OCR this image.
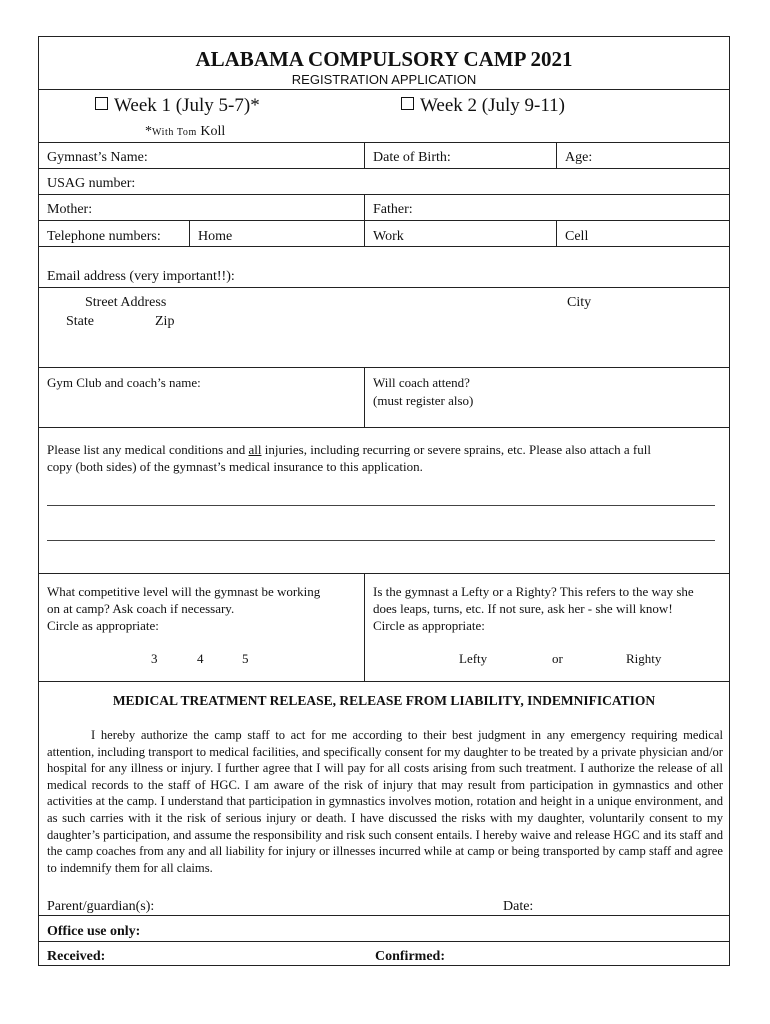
ALABAMA COMPULSORY CAMP 2021
REGISTRATION APPLICATION
Week 1 (July 5-7)*	Week 2 (July 9-11)
*With Tom Koll
Gymnast’s Name:	Date of Birth:	Age:
USAG number:
Mother:	Father:
Telephone numbers:	Home	Work	Cell
Email address (very important!!):
Street Address	City
State	Zip
Gym Club and coach’s name:	Will coach attend?
(must register also)
Please list any medical conditions and all injuries, including recurring or severe sprains, etc. Please also attach a full
copy (both sides) of the gymnast’s medical insurance to this application.
What competitive level will the gymnast be working
on at camp? Ask coach if necessary.
Circle as appropriate:
3	4	5
Is the gymnast a Lefty or a Righty? This refers to the way she
does leaps, turns, etc. If not sure, ask her - she will know!
Circle as appropriate:
Lefty	or	Righty
MEDICAL TREATMENT RELEASE, RELEASE FROM LIABILITY, INDEMNIFICATION
I hereby authorize the camp staff to act for me according to their best judgment in any emergency requiring medical attention, including transport to medical facilities, and specifically consent for my daughter to be treated by a private physician and/or hospital for any illness or injury. I further agree that I will pay for all costs arising from such treatment. I authorize the release of all medical records to the staff of HGC. I am aware of the risk of injury that may result from participation in gymnastics and other activities at the camp. I understand that participation in gymnastics involves motion, rotation and height in a unique environment, and as such carries with it the risk of serious injury or death. I have discussed the risks with my daughter, voluntarily consent to my daughter’s participation, and assume the responsibility and risk such consent entails. I hereby waive and release HGC and its staff and the camp coaches from any and all liability for injury or illnesses incurred while at camp or being transported by camp staff and agree to indemnify them for all claims.
Parent/guardian(s):	Date:
Office use only:
Received:	Confirmed:
